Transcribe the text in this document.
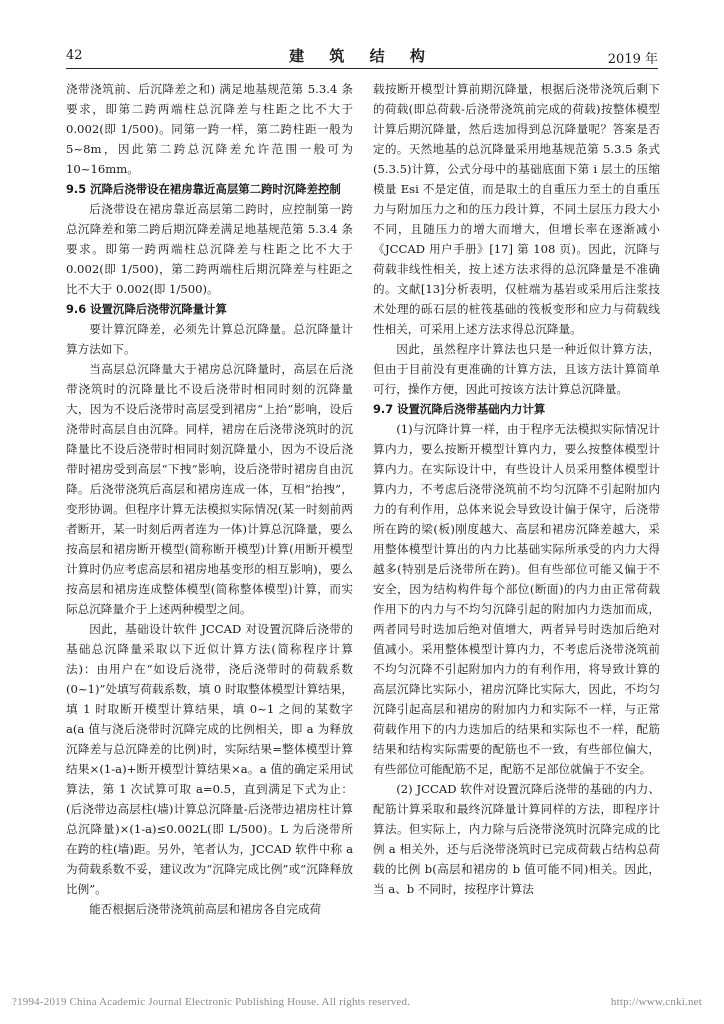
42	建 筑 结 构	2019 年

浇带浇筑前、后沉降差之和) 满足地基规范第 5.3.4 条要求，即第二跨两端柱总沉降差与柱距之比不大于 0.002(即 1/500)。同第一跨一样，第二跨柱距一般为 5~8m，因此第二跨总沉降差允许范围一般可为 10~16mm。

9.5 沉降后浇带设在裙房靠近高层第二跨时沉降差控制

后浇带设在裙房靠近高层第二跨时，应控制第一跨总沉降差和第二跨后期沉降差满足地基规范第 5.3.4 条要求。即第一跨两端柱总沉降差与柱距之比不大于 0.002(即 1/500)，第二跨两端柱后期沉降差与柱距之比不大于 0.002(即 1/500)。

9.6 设置沉降后浇带沉降量计算

要计算沉降差，必须先计算总沉降量。总沉降量计算方法如下。

当高层总沉降量大于裙房总沉降量时，高层在后浇带浇筑时的沉降量比不设后浇带时相同时刻的沉降量大，因为不设后浇带时高层受到裙房“上抬”影响，设后浇带时高层自由沉降。同样，裙房在后浇带浇筑时的沉降量比不设后浇带时相同时刻沉降量小，因为不设后浇带时裙房受到高层“下拽”影响，设后浇带时裙房自由沉降。后浇带浇筑后高层和裙房连成一体，互相“抬拽”，变形协调。但程序计算无法模拟实际情况(某一时刻前两者断开，某一时刻后两者连为一体)计算总沉降量，要么按高层和裙房断开模型(简称断开模型)计算(用断开模型计算时仍应考虑高层和裙房地基变形的相互影响)，要么按高层和裙房连成整体模型(简称整体模型)计算，而实际总沉降量介于上述两种模型之间。

因此，基础设计软件 JCCAD 对设置沉降后浇带的基础总沉降量采取以下近似计算方法(简称程序计算法)：由用户在“如设后浇带，浇后浇带时的荷载系数(0~1)”处填写荷载系数，填 0 时取整体模型计算结果，填 1 时取断开模型计算结果，填 0~1 之间的某数字 a(a 值与浇后浇带时沉降完成的比例相关，即 a 为释放沉降差与总沉降差的比例)时，实际结果=整体模型计算结果×(1-a)+断开模型计算结果×a。a 值的确定采用试算法，第 1 次试算可取 a=0.5，直到满足下式为止：(后浇带边高层柱(墙)计算总沉降量-后浇带边裙房柱计算总沉降量)×(1-a)≤0.002L(即 L/500)。L 为后浇带所在跨的柱(墙)距。另外，笔者认为，JCCAD 软件中称 a 为荷载系数不妥，建议改为“沉降完成比例”或“沉降释放比例”。

能否根据后浇带浇筑前高层和裙房各自完成荷

载按断开模型计算前期沉降量，根据后浇带浇筑后剩下的荷载(即总荷载-后浇带浇筑前完成的荷载)按整体模型计算后期沉降量，然后迭加得到总沉降量呢？答案是否定的。天然地基的总沉降量采用地基规范第 5.3.5 条式(5.3.5)计算，公式分母中的基础底面下第 i 层土的压缩模量 Esi 不是定值，而是取土的自重压力至土的自重压力与附加压力之和的压力段计算，不同土层压力段大小不同，且随压力的增大而增大，但增长率在逐渐减小《JCCAD 用户手册》[17] 第 108 页)。因此，沉降与荷载非线性相关，按上述方法求得的总沉降量是不准确的。文献[13]分析表明，仅桩端为基岩或采用后注浆技术处理的砾石层的桩筏基础的筏板变形和应力与荷载线性相关，可采用上述方法求得总沉降量。

因此，虽然程序计算法也只是一种近似计算方法，但由于目前没有更准确的计算方法，且该方法计算简单可行，操作方便，因此可按该方法计算总沉降量。

9.7 设置沉降后浇带基础内力计算

(1)与沉降计算一样，由于程序无法模拟实际情况计算内力，要么按断开模型计算内力，要么按整体模型计算内力。在实际设计中，有些设计人员采用整体模型计算内力，不考虑后浇带浇筑前不均匀沉降不引起附加内力的有利作用，总体来说会导致设计偏于保守，后浇带所在跨的梁(板)刚度越大、高层和裙房沉降差越大，采用整体模型计算出的内力比基础实际所承受的内力大得越多(特别是后浇带所在跨)。但有些部位可能又偏于不安全，因为结构构件每个部位(断面)的内力由正常荷载作用下的内力与不均匀沉降引起的附加内力迭加而成，两者同号时迭加后绝对值增大，两者异号时迭加后绝对值减小。采用整体模型计算内力，不考虑后浇带浇筑前不均匀沉降不引起附加内力的有利作用，将导致计算的高层沉降比实际小，裙房沉降比实际大，因此，不均匀沉降引起高层和裙房的附加内力和实际不一样，与正常荷载作用下的内力迭加后的结果和实际也不一样，配筋结果和结构实际需要的配筋也不一致，有些部位偏大，有些部位可能配筋不足，配筋不足部位就偏于不安全。

(2) JCCAD 软件对设置沉降后浇带的基础的内力、配筋计算采取和最终沉降量计算同样的方法，即程序计算法。但实际上，内力除与后浇带浇筑时沉降完成的比例 a 相关外，还与后浇带浇筑时已完成荷载占结构总荷载的比例 b(高层和裙房的 b 值可能不同)相关。因此，当 a、b 不同时，按程序计算法

?1994-2019 China Academic Journal Electronic Publishing House. All rights reserved.	http://www.cnki.net
